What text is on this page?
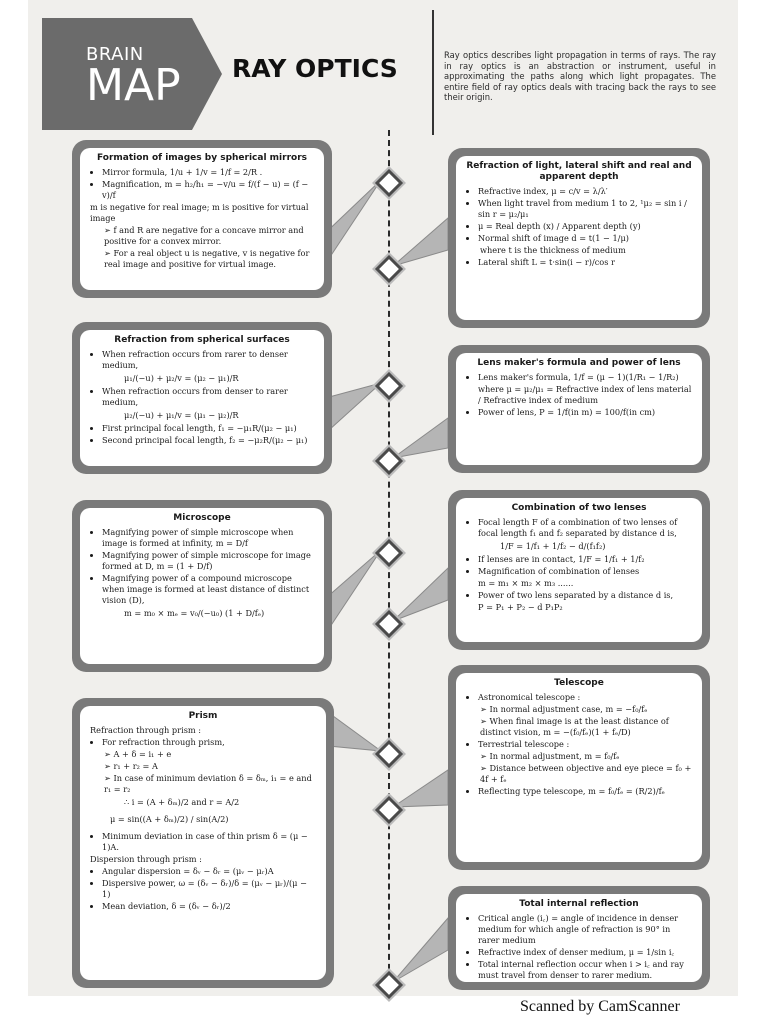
BRAIN
MAP RAY OPTICS	Ray optics describes light propagation in terms of rays. The ray in ray optics is an abstraction or instrument, useful in approximating the paths along which light propagates. The entire field of ray optics deals with tracing back the rays to see their origin.
Formation of images by spherical mirrors
• Mirror formula, 1/u + 1/v = 1/f = 2/R .
• Magnification, m = h₂/h₁ = −v/u = f/(f − u) = (f − v)/f
m is negative for real image; m is positive for virtual image
➢ f and R are negative for a concave mirror and positive for a convex mirror.
➢ For a real object u is negative, v is negative for real image and positive for virtual image.
Refraction of light, lateral shift and real and apparent depth
• Refractive index, μ = c/v = λ/λ′
• When light travel from medium 1 to 2, ¹μ₂ = sin i / sin r = μ₂/μ₁
• μ = Real depth (x) / Apparent depth (y)
• Normal shift of image d = t(1 − 1/μ)
where t is the thickness of medium
• Lateral shift L = t·sin(i − r)/cos r
Refraction from spherical surfaces
• When refraction occurs from rarer to denser medium,
μ₁/(−u) + μ₂/v = (μ₂ − μ₁)/R
• When refraction occurs from denser to rarer medium,
μ₂/(−u) + μ₁/v = (μ₁ − μ₂)/R
• First principal focal length, f₁ = −μ₁R/(μ₂ − μ₁)
• Second principal focal length, f₂ = −μ₂R/(μ₂ − μ₁)
Lens maker's formula and power of lens
• Lens maker's formula, 1/f = (μ − 1)(1/R₁ − 1/R₂)
where μ = μ₂/μ₁ = Refractive index of lens material / Refractive index of medium
• Power of lens, P = 1/f(in m) = 100/f(in cm)
Microscope
• Magnifying power of simple microscope when image is formed at infinity, m = D/f
• Magnifying power of simple microscope for image formed at D, m = (1 + D/f)
• Magnifying power of a compound microscope when image is formed at least distance of distinct vision (D),
m = m₀ × mₑ = v₀/(−u₀) (1 + D/fₑ)
Combination of two lenses
• Focal length F of a combination of two lenses of focal length f₁ and f₂ separated by distance d is,
1/F = 1/f₁ + 1/f₂ − d/(f₁f₂)
• If lenses are in contact, 1/F = 1/f₁ + 1/f₂
• Magnification of combination of lenses
m = m₁ × m₂ × m₃ ......
• Power of two lens separated by a distance d is,
P = P₁ + P₂ − d P₁P₂
Prism
Refraction through prism :
• For refraction through prism,
➢ A + δ = i₁ + e
➢ r₁ + r₂ = A
➢ In case of minimum deviation δ = δₘ, i₁ = e and r₁ = r₂
∴ i = (A + δₘ)/2 and r = A/2
μ = sin((A + δₘ)/2) / sin(A/2)
• Minimum deviation in case of thin prism δ = (μ − 1)A.
Dispersion through prism :
• Angular dispersion = δᵥ − δᵣ = (μᵥ − μᵣ)A
• Dispersive power, ω = (δᵥ − δᵣ)/δ = (μᵥ − μᵣ)/(μ − 1)
• Mean deviation, δ = (δᵥ − δᵣ)/2
Telescope
• Astronomical telescope :
➢ In normal adjustment case, m = −f₀/fₑ
➢ When final image is at the least distance of distinct vision, m = −(f₀/fₑ)(1 + fₑ/D)
• Terrestrial telescope :
➢ In normal adjustment, m = f₀/fₑ
➢ Distance between objective and eye piece = f₀ + 4f + fₑ
• Reflecting type telescope, m = f₀/fₑ = (R/2)/fₑ
Total internal reflection
• Critical angle (i꜀) = angle of incidence in denser medium for which angle of refraction is 90° in rarer medium
• Refractive index of denser medium, μ = 1/sin i꜀
• Total internal reflection occur when i > i꜀ and ray must travel from denser to rarer medium.
Scanned by CamScanner
